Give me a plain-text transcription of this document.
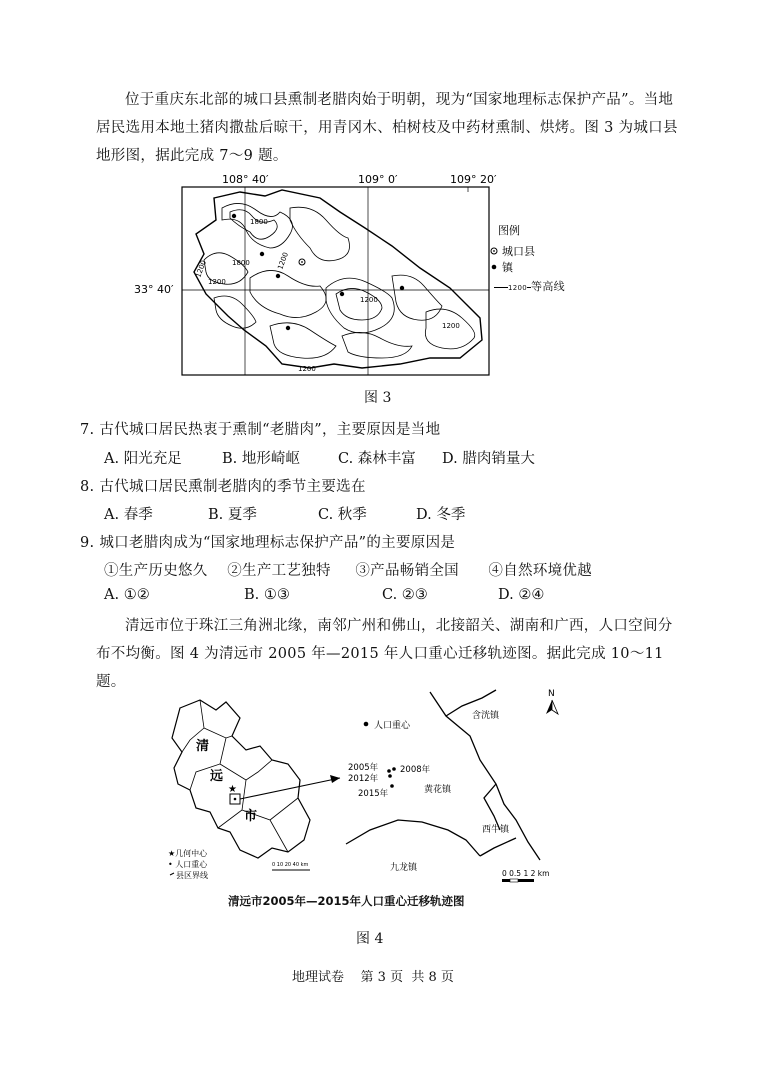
位于重庆东北部的城口县熏制老腊肉始于明朝，现为“国家地理标志保护产品”。当地居民选用本地土猪肉撒盐后晾干，用青冈木、柏树枝及中药材熏制、烘烤。图 3 为城口县地形图，据此完成 7～9 题。
108° 40′	109° 0′	109° 20′
33° 40′
1800
1200
1200
1800
1200
1200
1200
1200
图例
城口县
镇
1200 等高线
图 3
7. 古代城口居民热衷于熏制“老腊肉”，主要原因是当地
A. 阳光充足	B. 地形崎岖	C. 森林丰富 D. 腊肉销量大
8. 古代城口居民熏制老腊肉的季节主要选在
A. 春季	B. 夏季	C. 秋季	D. 冬季
9. 城口老腊肉成为“国家地理标志保护产品”的主要原因是
①生产历史悠久    ②生产工艺独特     ③产品畅销全国      ④自然环境优越
A. ①②	B. ①③	C. ②③	D. ②④
清远市位于珠江三角洲北缘，南邻广州和佛山，北接韶关、湖南和广西，人口空间分布不均衡。图 4 为清远市 2005 年—2015 年人口重心迁移轨迹图。据此完成 10～11 题。
清
远
市
★
★几何中心
• 人口重心
县区界线
0 10 20 40 km
人口重心
2005年
2012年
2008年
2015年
含洸镇
黄花镇
西牛镇
九龙镇
N
0 0.5 1 2 km
清远市2005年—2015年人口重心迁移轨迹图
图 4
地理试卷    第 3 页  共 8 页
